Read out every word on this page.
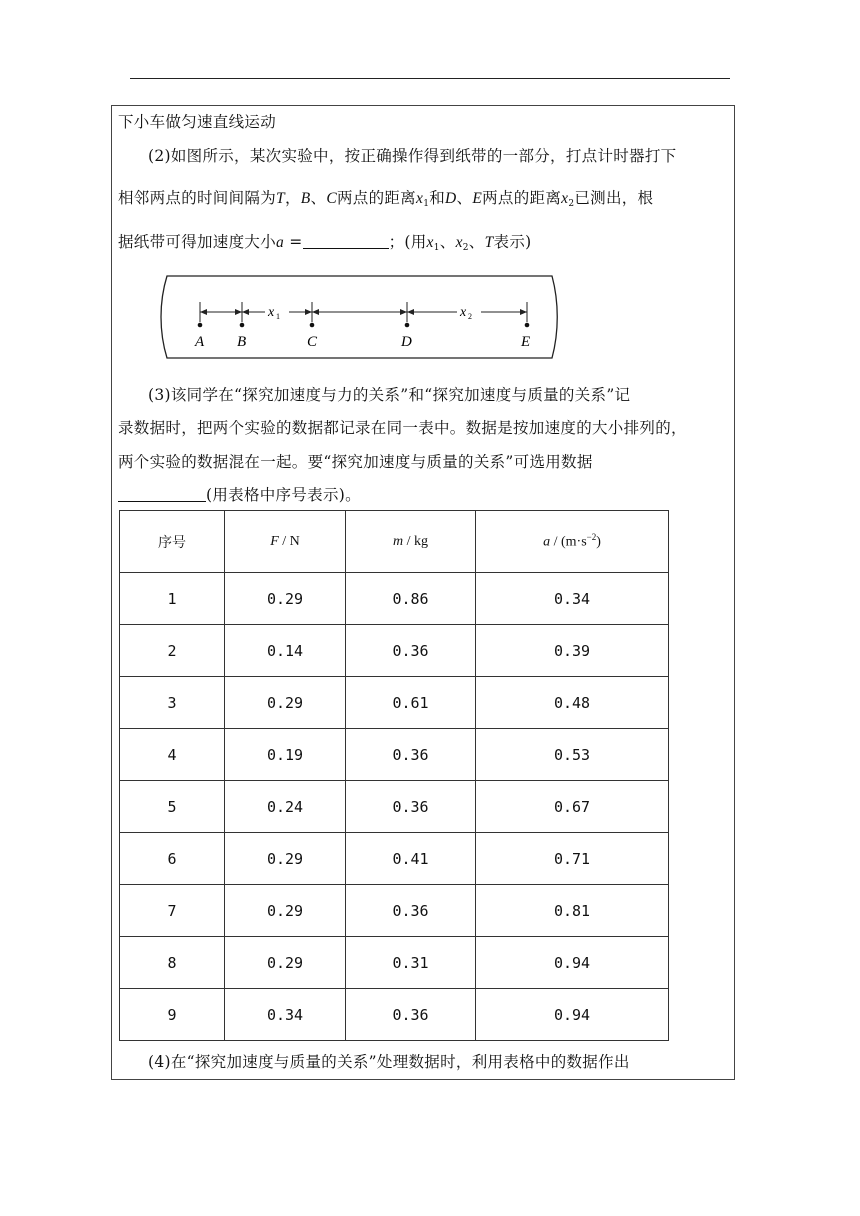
下小车做匀速直线运动
(2)如图所示，某次实验中，按正确操作得到纸带的一部分，打点计时器打下
相邻两点的时间间隔为T，B、C两点的距离$x_1$和D、E两点的距离$x_2$已测出，根
据纸带可得加速度大小a =	；(用$x_1$、$x_2$、T表示)
x 1	x 2
A B	C	D	E
(3)该同学在“探究加速度与力的关系”和“探究加速度与质量的关系”记
录数据时，把两个实验的数据都记录在同一表中。数据是按加速度的大小排列的，
两个实验的数据混在一起。要“探究加速度与质量的关系”可选用数据
(用表格中序号表示)。
序号	F / N	m / kg	$a / (m\cdot s^{-2})$
1	0.29	0.86	0.34
2	0.14	0.36	0.39
3	0.29	0.61	0.48
4	0.19	0.36	0.53
5	0.24	0.36	0.67
6	0.29	0.41	0.71
7	0.29	0.36	0.81
8	0.29	0.31	0.94
9	0.34	0.36	0.94
(4)在“探究加速度与质量的关系”处理数据时，利用表格中的数据作出
